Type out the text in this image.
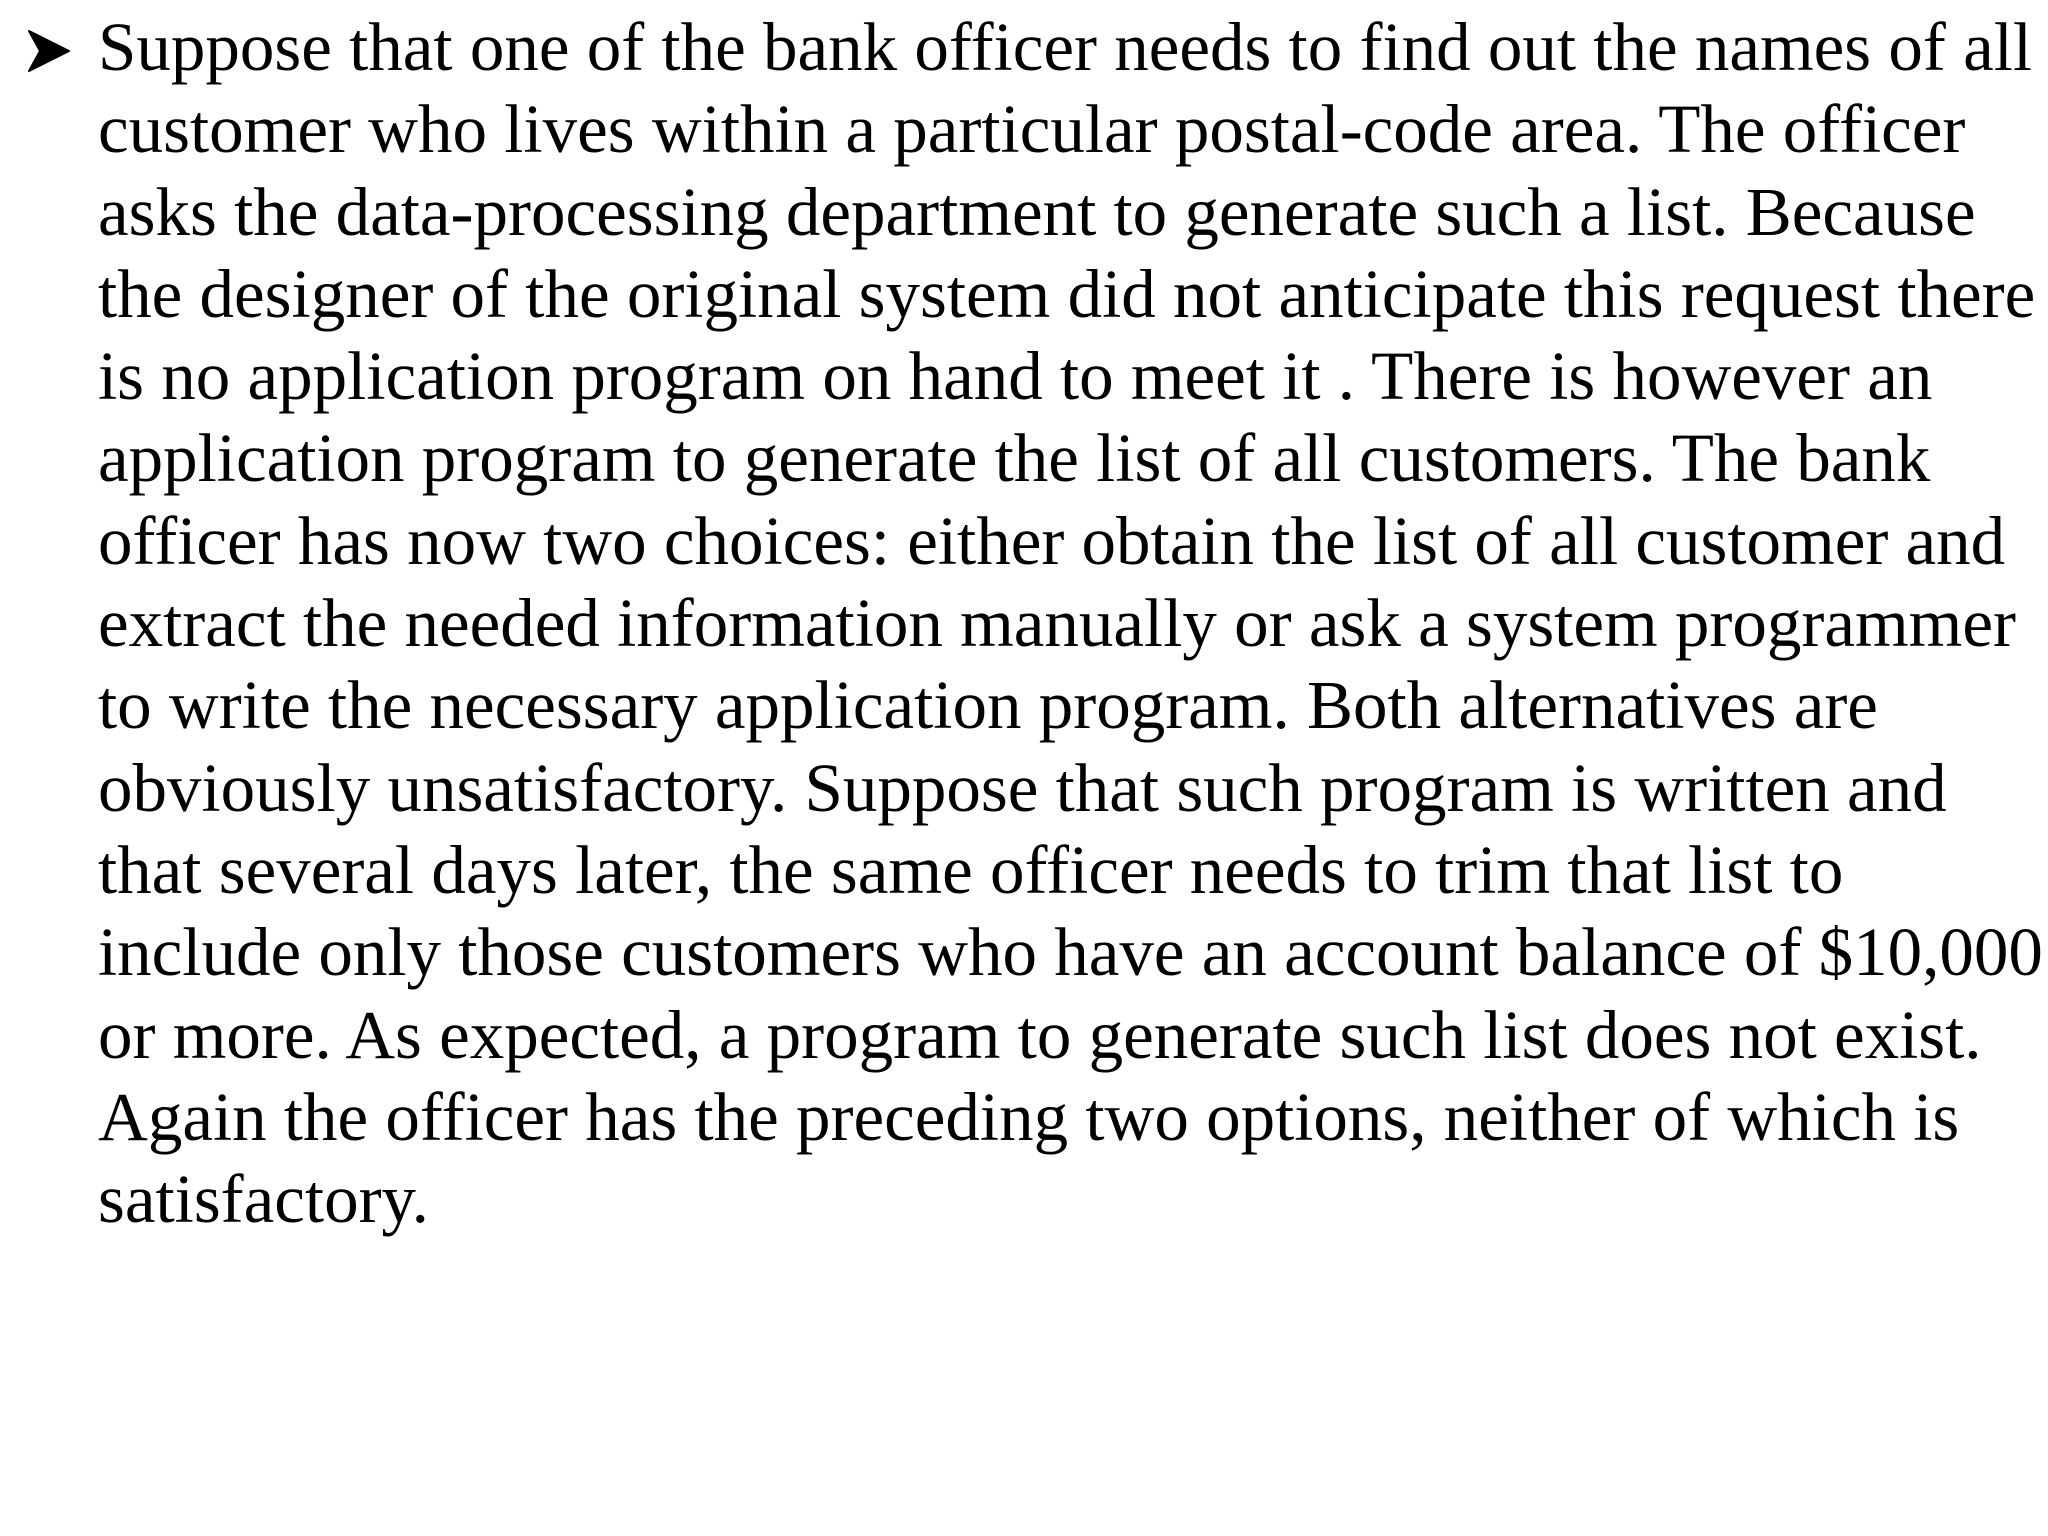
Suppose that one of the bank officer needs to find out the names of all
customer who lives within a particular postal-code area. The officer
asks the data-processing department to generate such a list. Because
the designer of the original system did not anticipate this request there
is no application program on hand to meet it . There is however an
application program to generate the list of all customers. The bank
officer has now two choices: either obtain the list of all customer and
extract the needed information manually or ask a system programmer
to write the necessary application program. Both alternatives are
obviously unsatisfactory. Suppose that such program is written and
that several days later, the same officer needs to trim that list to
include only those customers who have an account balance of $10,000
or more. As expected, a program to generate such list does not exist.
Again the officer has the preceding two options, neither of which is
satisfactory.
